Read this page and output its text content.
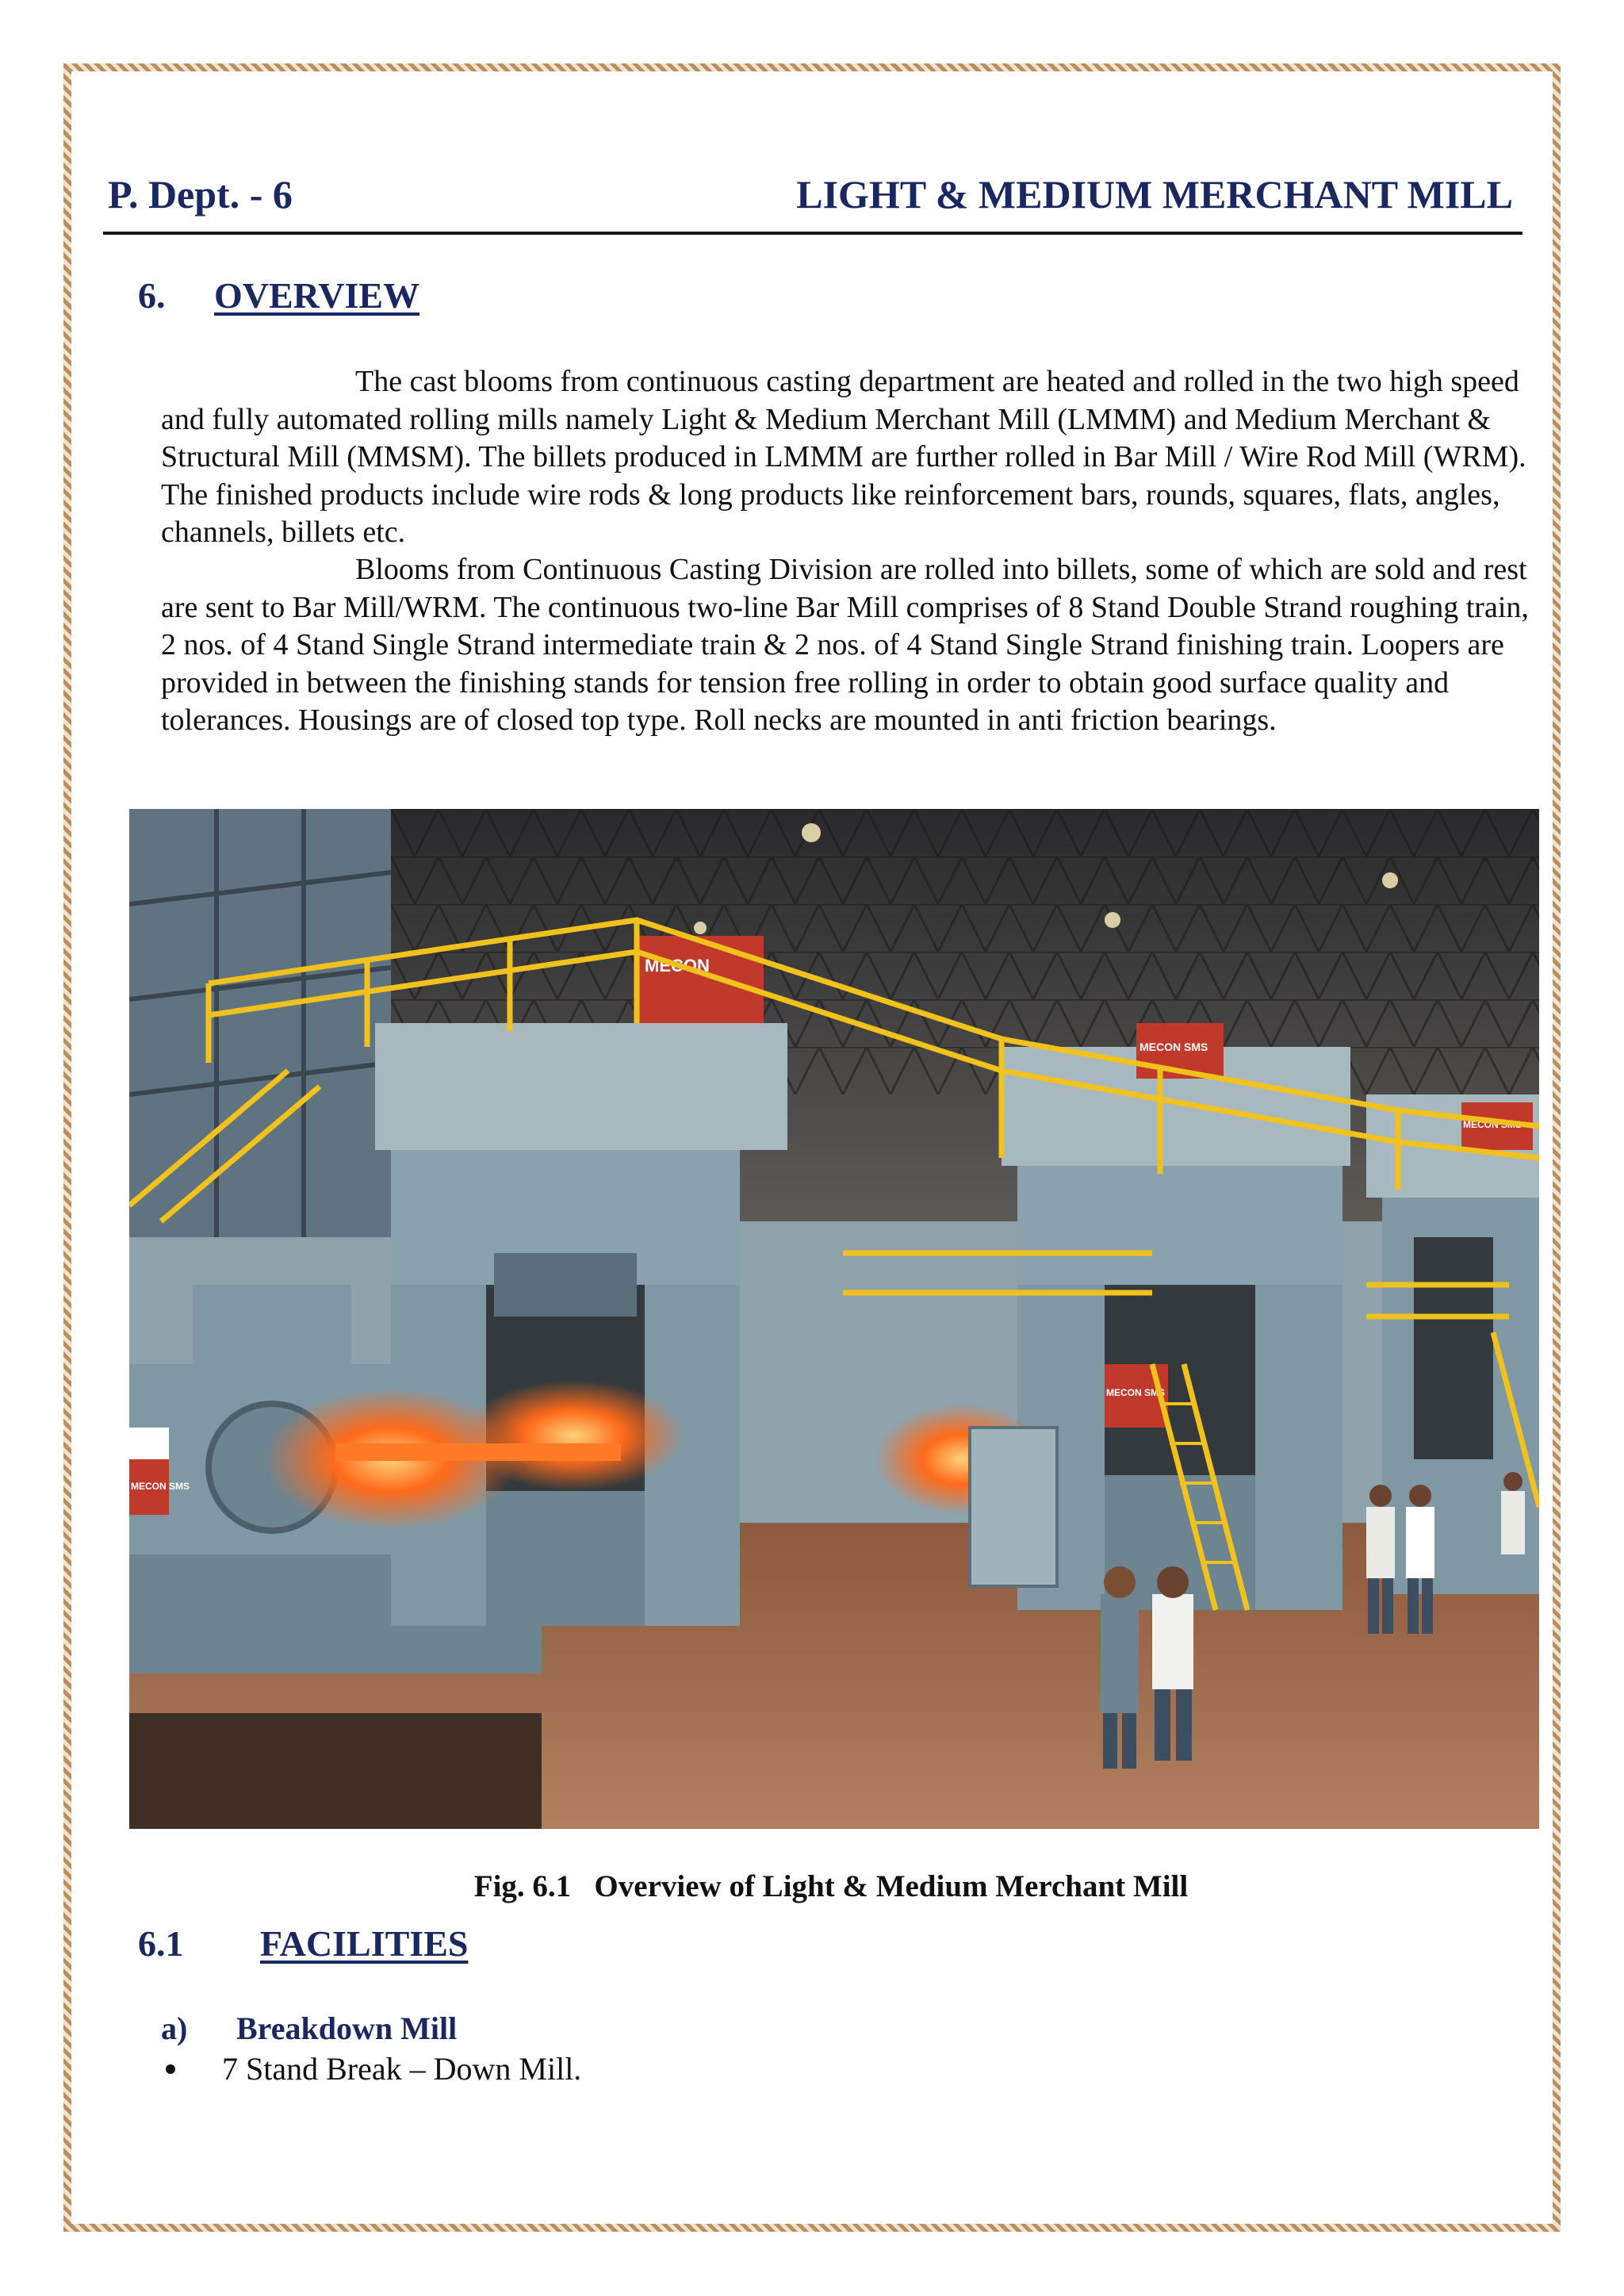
P. Dept. - 6	LIGHT & MEDIUM MERCHANT MILL
6. OVERVIEW
The cast blooms from continuous casting department are heated and rolled in the two high speed and fully automated rolling mills namely Light & Medium Merchant Mill (LMMM) and Medium Merchant & Structural Mill (MMSM). The billets produced in LMMM are further rolled in Bar Mill / Wire Rod Mill (WRM). The finished products include wire rods & long products like reinforcement bars, rounds, squares, flats, angles, channels, billets etc.
Blooms from Continuous Casting Division are rolled into billets, some of which are sold and rest are sent to Bar Mill/WRM. The continuous two-line Bar Mill comprises of 8 Stand Double Strand roughing train, 2 nos. of 4 Stand Single Strand intermediate train & 2 nos. of 4 Stand Single Strand finishing train. Loopers are provided in between the finishing stands for tension free rolling in order to obtain good surface quality and tolerances. Housings are of closed top type. Roll necks are mounted in anti friction bearings.
MECON
MECON SMS
MECON SMS
MECON SMS
MECON SMS
Fig. 6.1   Overview of Light & Medium Merchant Mill
6.1 FACILITIES
a) Breakdown Mill
7 Stand Break – Down Mill.
